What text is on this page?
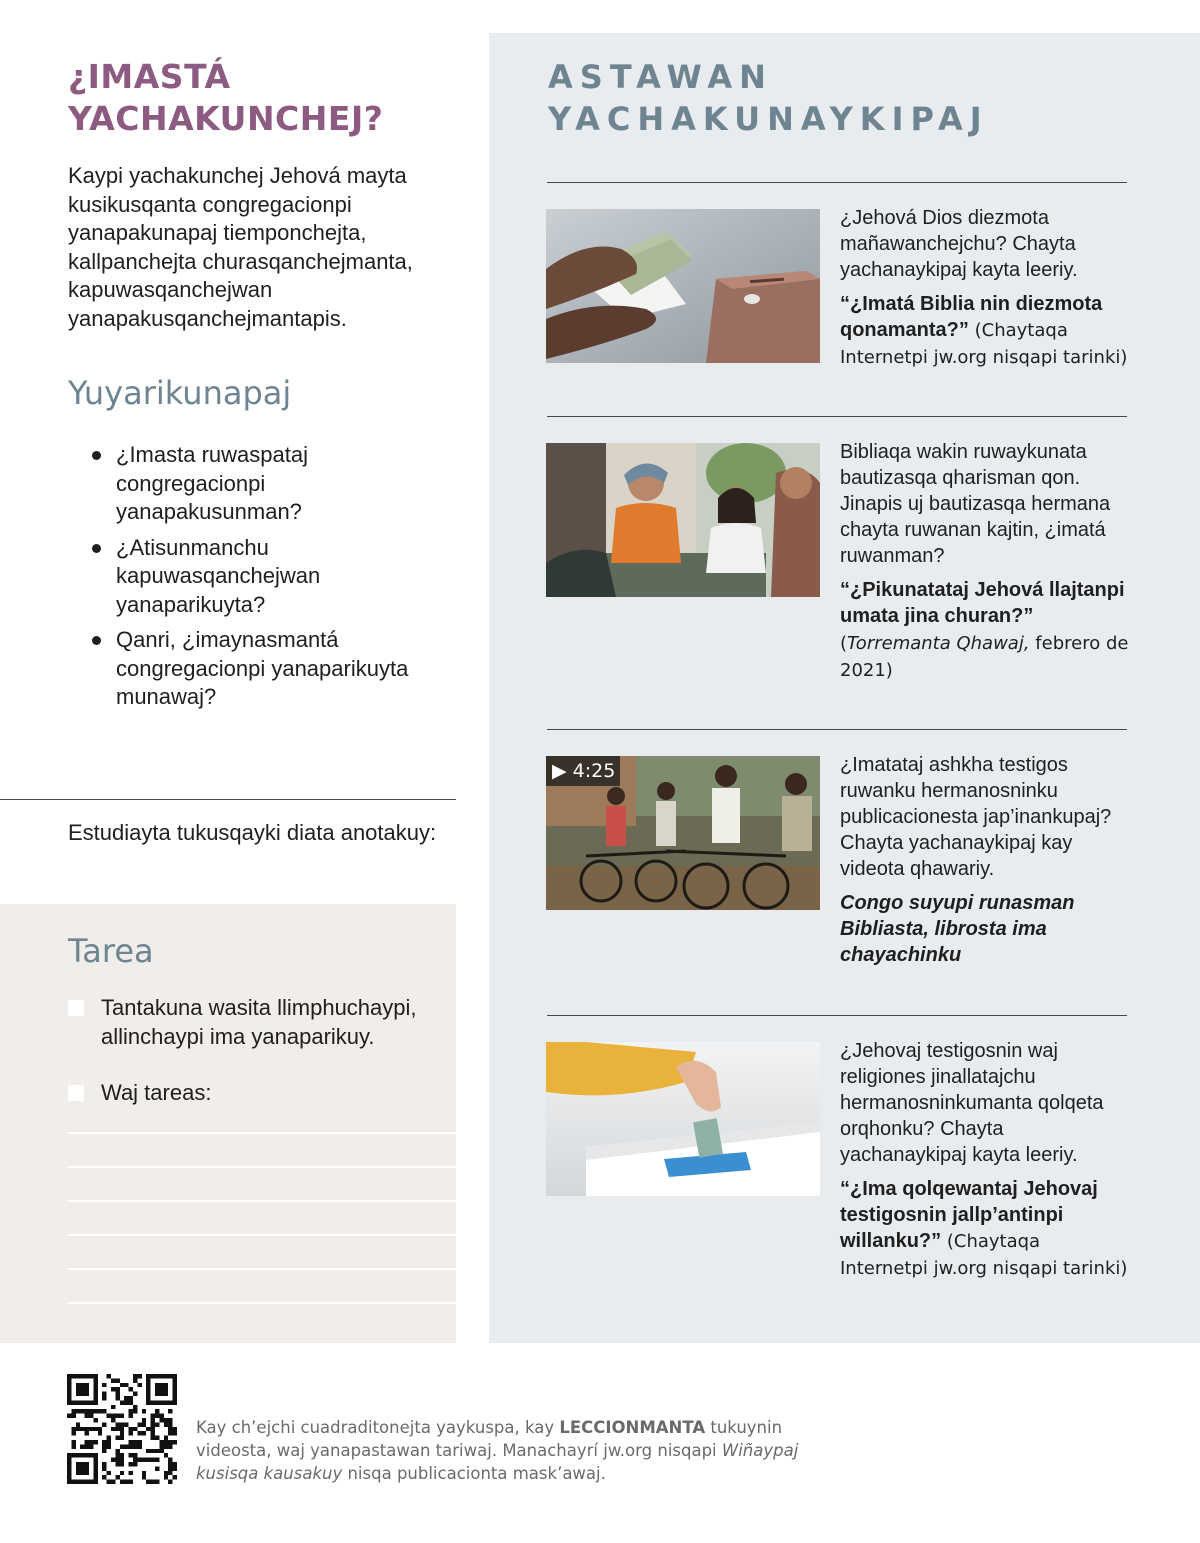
¿IMASTÁ
YACHAKUNCHEJ?

Kaypi yachakunchej Jehová mayta kusikusqanta congregacionpi yanapakunapaj tiemponchejta, kallpanchejta churasqanchejmanta, kapuwasqanchejwan yanapakusqanchejmantapis.

Yuyarikunapaj
¿Imasta ruwaspataj congregacionpi yanapakusunman?
¿Atisunmanchu kapuwasqanchejwan yanaparikuyta?
Qanri, ¿imaynasmantá congregacionpi yanaparikuyta munawaj?
Estudiayta tukusqayki diata anotakuy:
Tarea
Tantakuna wasita llimphuchaypi, allinchaypi ima yanaparikuy.
Waj tareas:
ASTAWAN
YACHAKUNAYKIPAJ
¿Jehová Dios diezmota mañawanchejchu? Chayta yachanaykipaj kayta leeriy.
“¿Imatá Biblia nin diezmota qonamanta?” (Chaytaqa Internetpi jw.org nisqapi tarinki)
Bibliaqa wakin ruwaykunata bautizasqa qharisman qon. Jinapis uj bautizasqa hermana chayta ruwanan kajtin, ¿imatá ruwanman?
“¿Pikunatataj Jehová llajtanpi umata jina churan?” (Torremanta Qhawaj, febrero de 2021)
▶ 4:25	¿Imatataj ashkha testigos ruwanku hermanosninku publicacionesta jap’inankupaj? Chayta yachanaykipaj kay videota qhawariy.
Congo suyupi runasman Bibliasta, librosta ima chayachinku
¿Jehovaj testigosnin waj religiones jinallatajchu hermanosninkumanta qolqeta orqhonku? Chayta yachanaykipaj kayta leeriy.
“¿Ima qolqewantaj Jehovaj testigosnin jallp’antinpi willanku?” (Chaytaqa Internetpi jw.org nisqapi tarinki)

Kay ch’ejchi cuadraditonejta yaykuspa, kay LECCIONMANTA tukuynin videosta, waj yanapastawan tariwaj. Manachayrí jw.org nisqapi Wiñaypaj kusisqa kausakuy nisqa publicacionta mask’awaj.
